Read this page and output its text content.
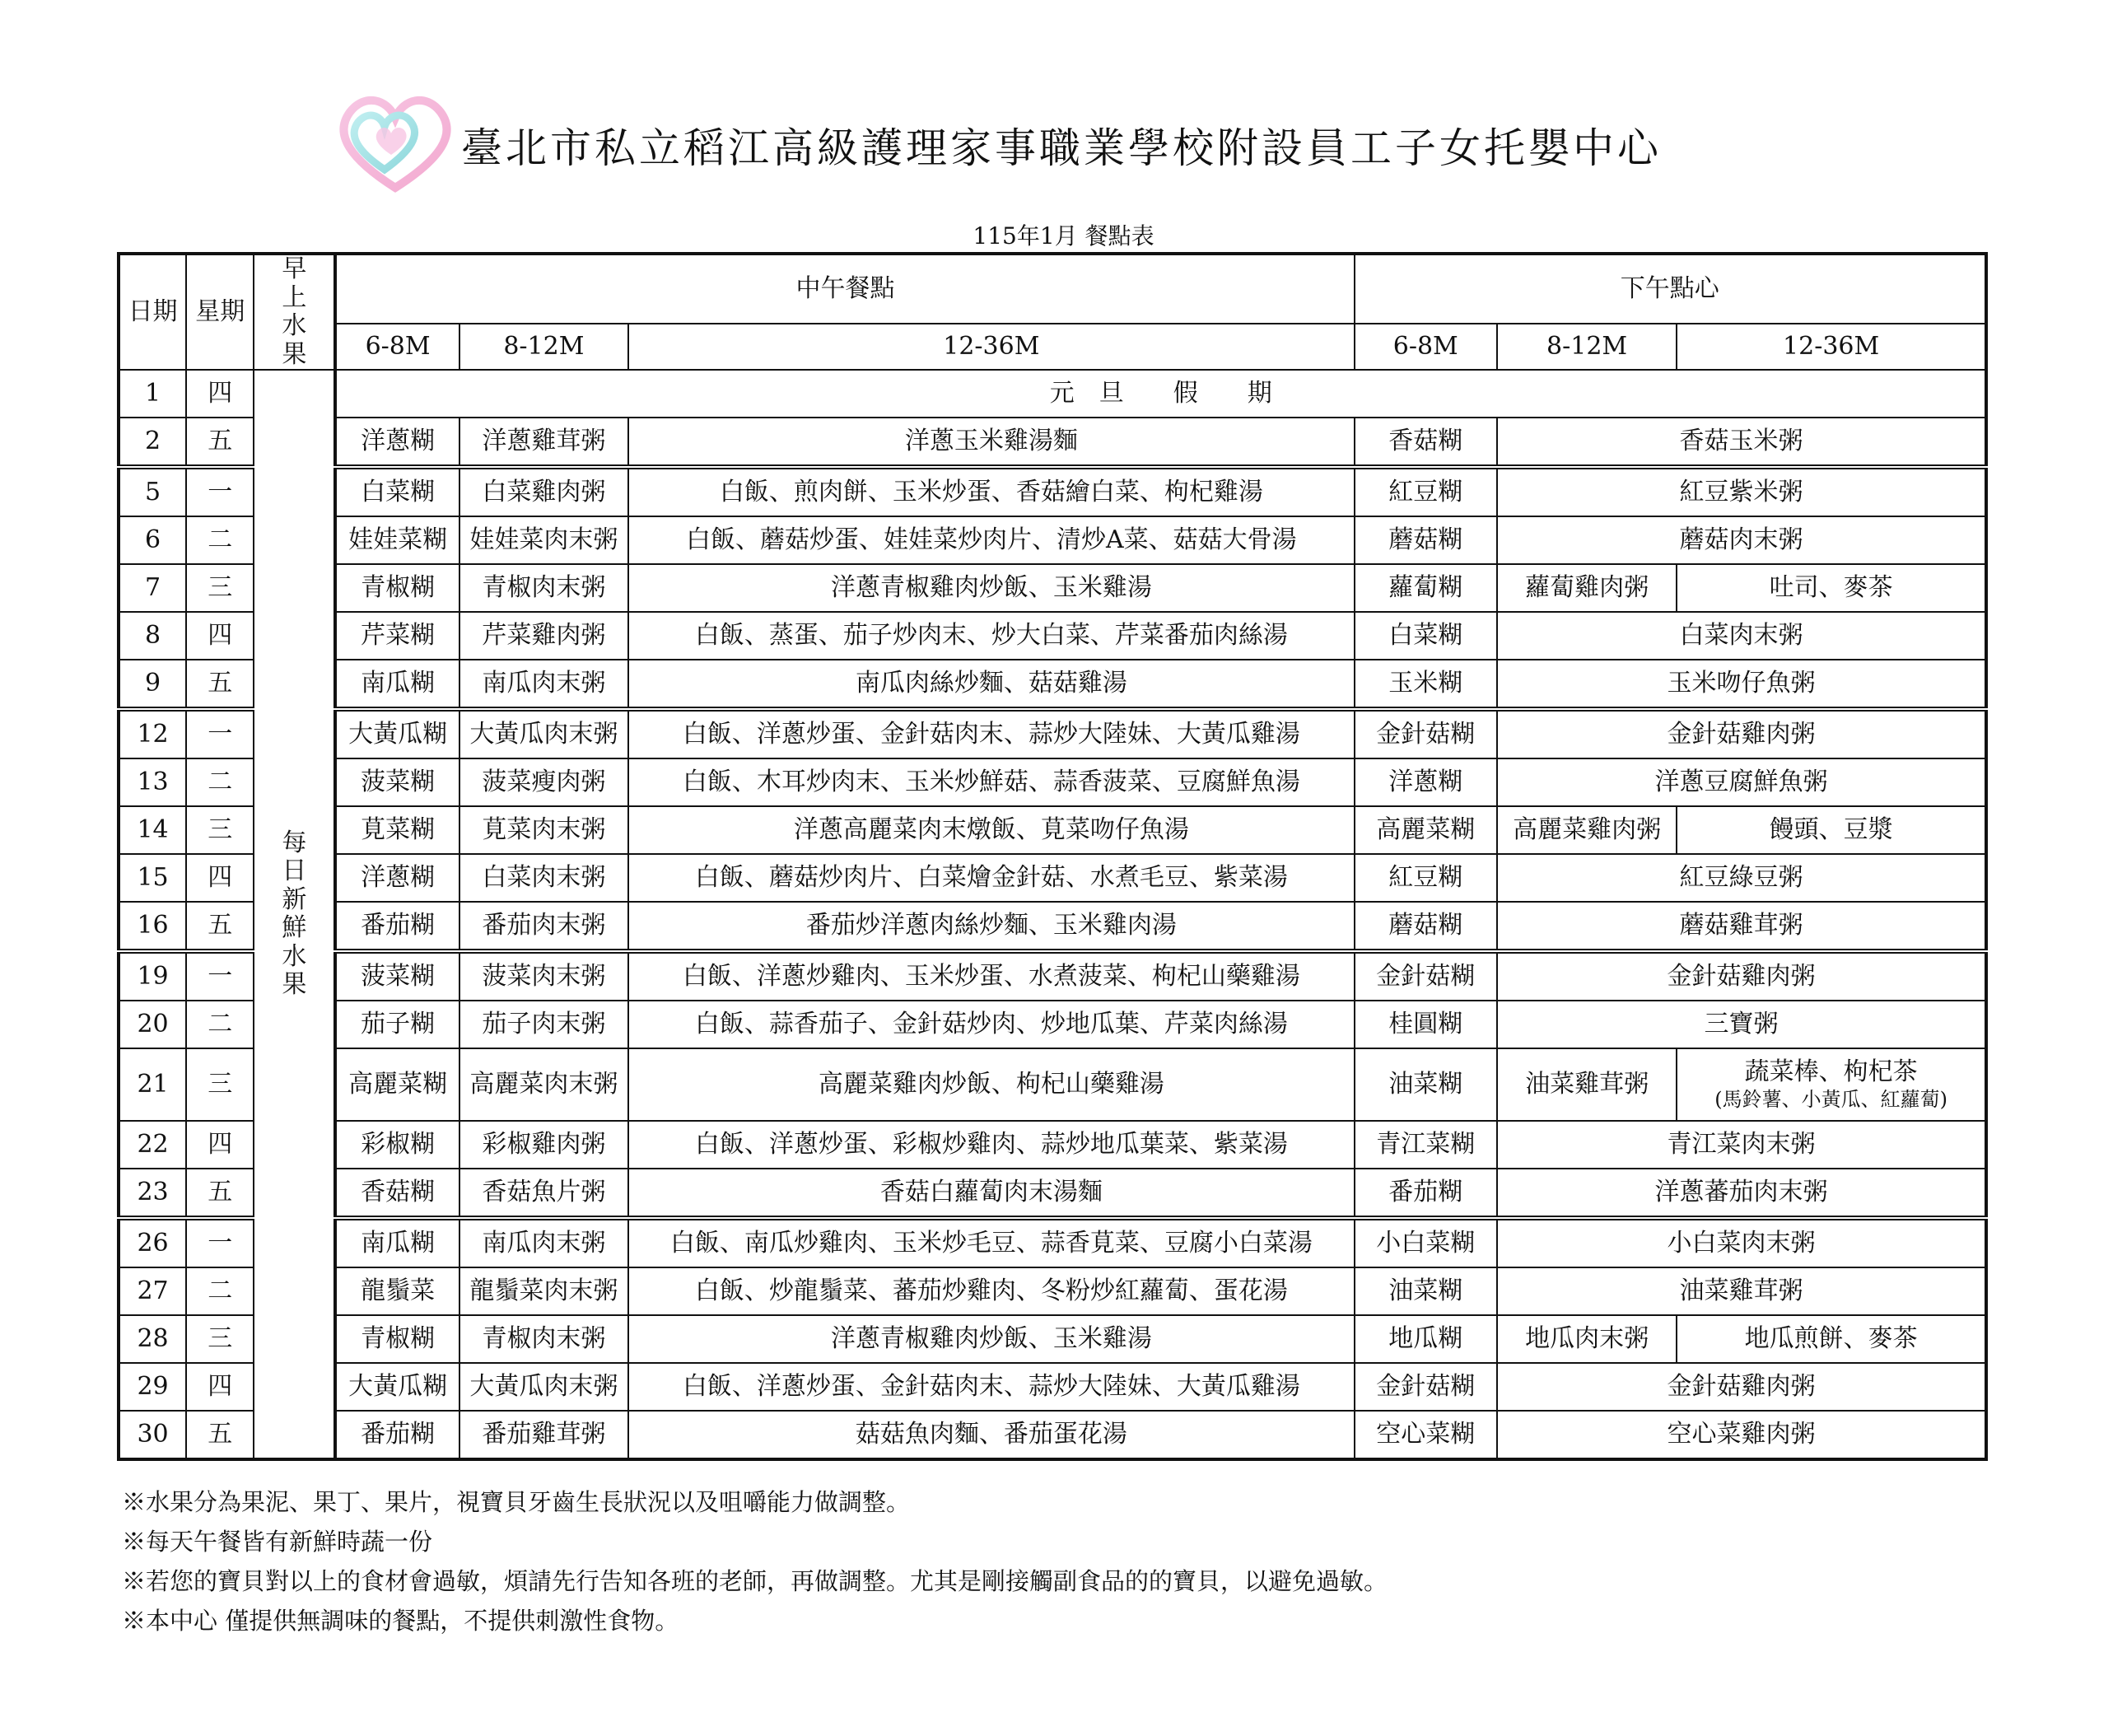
臺北市私立稻江高級護理家事職業學校附設員工子女托嬰中心
115年1月 餐點表
日期	星期	早上水果	中午餐點			下午點心		
			6-8M	8-12M	12-36M	6-8M	8-12M	12-36M
1	四	每日新鮮水果	元　旦　　假　　期					
2	五		洋蔥糊	洋蔥雞茸粥	洋蔥玉米雞湯麵	香菇糊	香菇玉米粥	
5	一		白菜糊	白菜雞肉粥	白飯、煎肉餅、玉米炒蛋、香菇繪白菜、枸杞雞湯	紅豆糊	紅豆紫米粥	
6	二		娃娃菜糊	娃娃菜肉末粥	白飯、蘑菇炒蛋、娃娃菜炒肉片、清炒A菜、菇菇大骨湯	蘑菇糊	蘑菇肉末粥	
7	三		青椒糊	青椒肉末粥	洋蔥青椒雞肉炒飯、玉米雞湯	蘿蔔糊	蘿蔔雞肉粥	吐司、麥茶
8	四		芹菜糊	芹菜雞肉粥	白飯、蒸蛋、茄子炒肉末、炒大白菜、芹菜番茄肉絲湯	白菜糊	白菜肉末粥	
9	五		南瓜糊	南瓜肉末粥	南瓜肉絲炒麵、菇菇雞湯	玉米糊	玉米吻仔魚粥	
12	一		大黃瓜糊	大黃瓜肉末粥	白飯、洋蔥炒蛋、金針菇肉末、蒜炒大陸妹、大黃瓜雞湯	金針菇糊	金針菇雞肉粥	
13	二		菠菜糊	菠菜瘦肉粥	白飯、木耳炒肉末、玉米炒鮮菇、蒜香菠菜、豆腐鮮魚湯	洋蔥糊	洋蔥豆腐鮮魚粥	
14	三		莧菜糊	莧菜肉末粥	洋蔥高麗菜肉末燉飯、莧菜吻仔魚湯	高麗菜糊	高麗菜雞肉粥	饅頭、豆漿
15	四		洋蔥糊	白菜肉末粥	白飯、蘑菇炒肉片、白菜燴金針菇、水煮毛豆、紫菜湯	紅豆糊	紅豆綠豆粥	
16	五		番茄糊	番茄肉末粥	番茄炒洋蔥肉絲炒麵、玉米雞肉湯	蘑菇糊	蘑菇雞茸粥	
19	一		菠菜糊	菠菜肉末粥	白飯、洋蔥炒雞肉、玉米炒蛋、水煮菠菜、枸杞山藥雞湯	金針菇糊	金針菇雞肉粥	
20	二		茄子糊	茄子肉末粥	白飯、蒜香茄子、金針菇炒肉、炒地瓜葉、芹菜肉絲湯	桂圓糊	三寶粥	
21	三		高麗菜糊	高麗菜肉末粥	高麗菜雞肉炒飯、枸杞山藥雞湯	油菜糊	油菜雞茸粥	蔬菜棒、枸杞茶
(馬鈴薯、小黃瓜、紅蘿蔔)

22	四		彩椒糊	彩椒雞肉粥	白飯、洋蔥炒蛋、彩椒炒雞肉、蒜炒地瓜葉菜、紫菜湯	青江菜糊	青江菜肉末粥	
23	五		香菇糊	香菇魚片粥	香菇白蘿蔔肉末湯麵	番茄糊	洋蔥蕃茄肉末粥	
26	一		南瓜糊	南瓜肉末粥	白飯、南瓜炒雞肉、玉米炒毛豆、蒜香莧菜、豆腐小白菜湯	小白菜糊	小白菜肉末粥	
27	二		龍鬚菜	龍鬚菜肉末粥	白飯、炒龍鬚菜、蕃茄炒雞肉、冬粉炒紅蘿蔔、蛋花湯	油菜糊	油菜雞茸粥	
28	三		青椒糊	青椒肉末粥	洋蔥青椒雞肉炒飯、玉米雞湯	地瓜糊	地瓜肉末粥	地瓜煎餅、麥茶
29	四		大黃瓜糊	大黃瓜肉末粥	白飯、洋蔥炒蛋、金針菇肉末、蒜炒大陸妹、大黃瓜雞湯	金針菇糊	金針菇雞肉粥	
30	五		番茄糊	番茄雞茸粥	菇菇魚肉麵、番茄蛋花湯	空心菜糊	空心菜雞肉粥	
※水果分為果泥、果丁、果片，視寶貝牙齒生長狀況以及咀嚼能力做調整。
※每天午餐皆有新鮮時蔬一份
※若您的寶貝對以上的食材會過敏，煩請先行告知各班的老師，再做調整。尤其是剛接觸副食品的的寶貝，以避免過敏。
※本中心 僅提供無調味的餐點，不提供刺激性食物。
